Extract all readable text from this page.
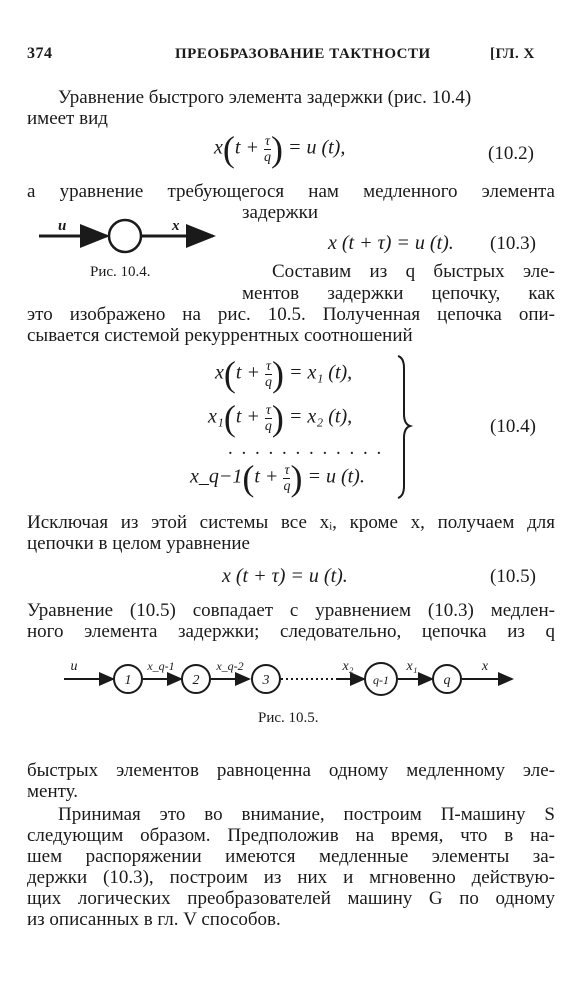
374	ПРЕОБРАЗОВАНИЕ ТАКТНОСТИ	[ГЛ. X
Уравнение быстрого элемента задержки (рис. 10.4)
имеет вид
$x(t + \frac{\tau}{q}$ ) = u (t),	(10.2)
а уравнение требующегося нам медленного элемента
задержки
u	x
x (t + τ) = u (t). (10.3)
Рис. 10.4.	Составим из q быстрых эле-
ментов задержки цепочку, как
это изображено на рис. 10.5. Полученная цепочка опи-
сывается системой рекуррентных соотношений
$x(t + \frac{\tau}{q}$ ) = x₁ (t),
$x_1(t + \frac{\tau}{q}$ ) = x₂ (t),
. . . . . . . . . . . .
x_q−1(t + $\frac{\tau}{q}$ ) = u (t).
(10.4)
Исключая из этой системы все xᵢ, кроме x, получаем для
цепочки в целом уравнение
x (t + τ) = u (t).	(10.5)
Уравнение (10.5) совпадает с уравнением (10.3) медлен-
ного элемента задержки; следовательно, цепочка из q
1	2	3	q-1	q
u	x_q-1	x_q-2	x₂	x₁	x
Рис. 10.5.
быстрых элементов равноценна одному медленному эле-
менту.
Принимая это во внимание, построим П-машину S
следующим образом. Предположив на время, что в на-
шем распоряжении имеются медленные элементы за-
держки (10.3), построим из них и мгновенно действую-
щих логических преобразователей машину G по одному
из описанных в гл. V способов.
